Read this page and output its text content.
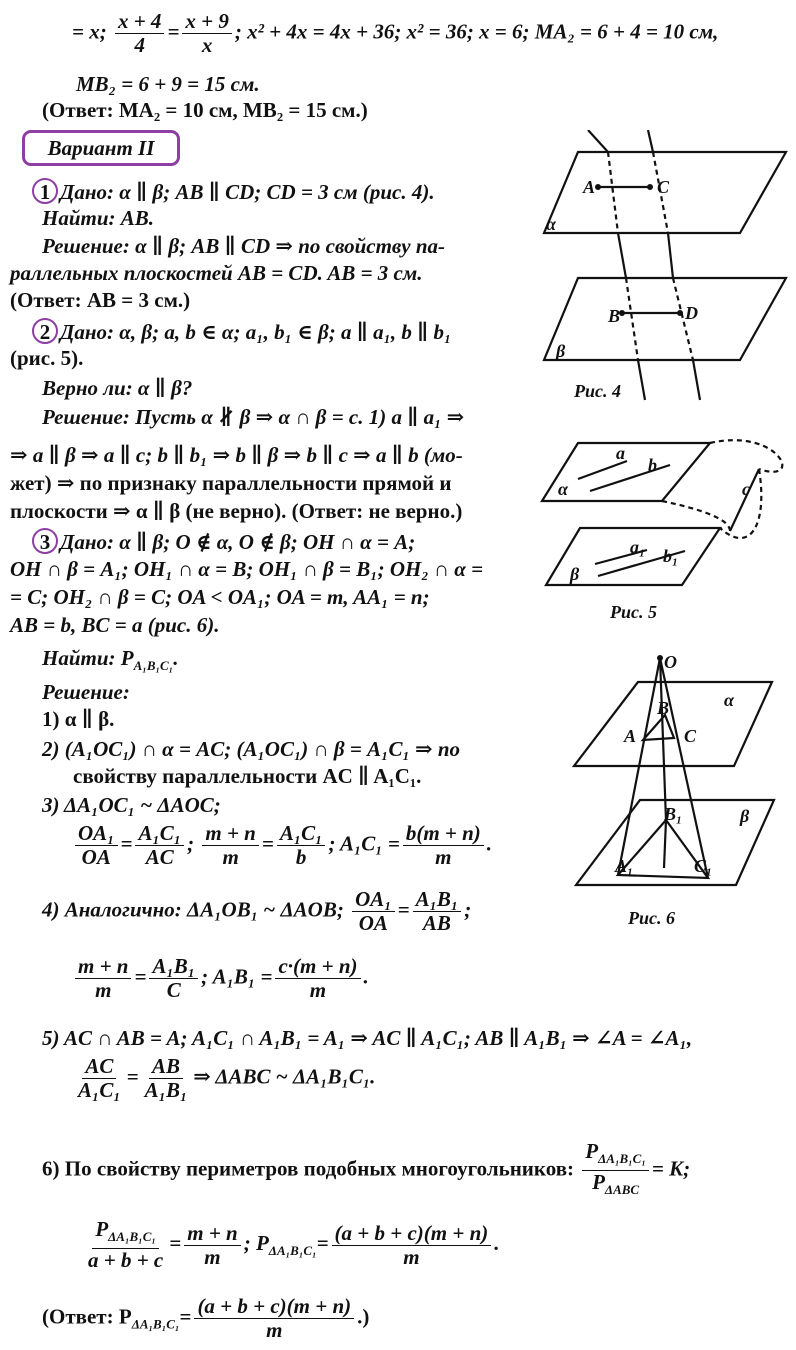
= x; $\frac{x + 4}{4} = \frac{x + 9}{x}$ ; x² + 4x = 4x + 36; x² = 36; x = 6; MA₂ = 6 + 4 = 10 см,
MB₂ = 6 + 9 = 15 см.
(Ответ: MA₂ = 10 см, MB₂ = 15 см.)
Вариант II
1 Дано: α ∥ β; AB ∥ CD; CD = 3 см (рис. 4).
Найти: AB.
Решение: α ∥ β; AB ∥ CD ⇒ по свойству па-
раллельных плоскостей AB = CD. AB = 3 см.
(Ответ: AB = 3 см.)
2 Дано: α, β; a, b ∈ α; a₁, b₁ ∈ β; a ∥ a₁, b ∥ b₁
(рис. 5).
Верно ли: α ∥ β?
Решение: Пусть α ∦ β ⇒ α ∩ β = c. 1) a ∥ a₁ ⇒
⇒ a ∥ β ⇒ a ∥ c; b ∥ b₁ ⇒ b ∥ β ⇒ b ∥ c ⇒ a ∥ b (мо-
жет) ⇒ по признаку параллельности прямой и
плоскости ⇒ α ∥ β (не верно). (Ответ: не верно.)
3 Дано: α ∥ β; O ∉ α, O ∉ β; OH ∩ α = A;
OH ∩ β = A₁; OH₁ ∩ α = B; OH₁ ∩ β = B₁; OH₂ ∩ α =
= C; OH₂ ∩ β = C; OA < OA₁; OA = m, AA₁ = n;
AB = b, BC = a (рис. 6).
Найти: $P_{A_1B_1C_1}$.
Решение:
1) α ∥ β.
2) (A₁OC₁) ∩ α = AC; (A₁OC₁) ∩ β = A₁C₁ ⇒ по
свойству параллельности AC ∥ A₁C₁.
3) ΔA₁OC₁ ~ ΔAOC;
$\frac{\text{OA₁}}{OA} = \frac{\text{A₁C₁}}{AC}$ ; $\frac{m + n}{m} = \frac{\text{A₁C₁}}{b}$ ; $A_1C_1 = \frac{b(m + n)}{m}$ .
4) Аналогично: ΔA₁OB₁ ~ ΔAOB; $\frac{\text{OA₁}}{OA} = \frac{\text{A₁B₁}}{AB}$ ;
$\frac{m + n}{m} = \frac{\text{A₁B₁}}{C}$ ; $A_1B_1 = \frac{c\cdot(m + n)}{m}$ .
5) AC ∩ AB = A; A₁C₁ ∩ A₁B₁ = A₁ ⇒ AC ∥ A₁C₁; AB ∥ A₁B₁ ⇒ ∠A = ∠A₁,
$\frac{AC}{\text{A₁C₁}} = \frac{AB}{\text{A₁B₁}}$ ⇒ ΔABC ~ ΔA₁B₁C₁.
6) По свойству периметров подобных многоугольников: $\frac{P_{\Delta A_1B_1C_1}}{P_{\Delta ABC}} = K$;
$\frac{P_{\Delta A_1B_1C_1}}{a + b + c} = \frac{m + n}{m}$ ; $P_{\Delta A_1B_1C_1}= \frac{(a + b + c)(m + n)}{m}$ .
(Ответ: $P_{\Delta A_1B_1C_1}= \frac{(a + b + c)(m + n)}{m}$ .)
A	C
B	D
α
β
Рис. 4
a
b
a₁ b₁
c
α
β
Рис. 5
O
A
B
C
A₁
B₁
C₁
α
β
Рис. 6
